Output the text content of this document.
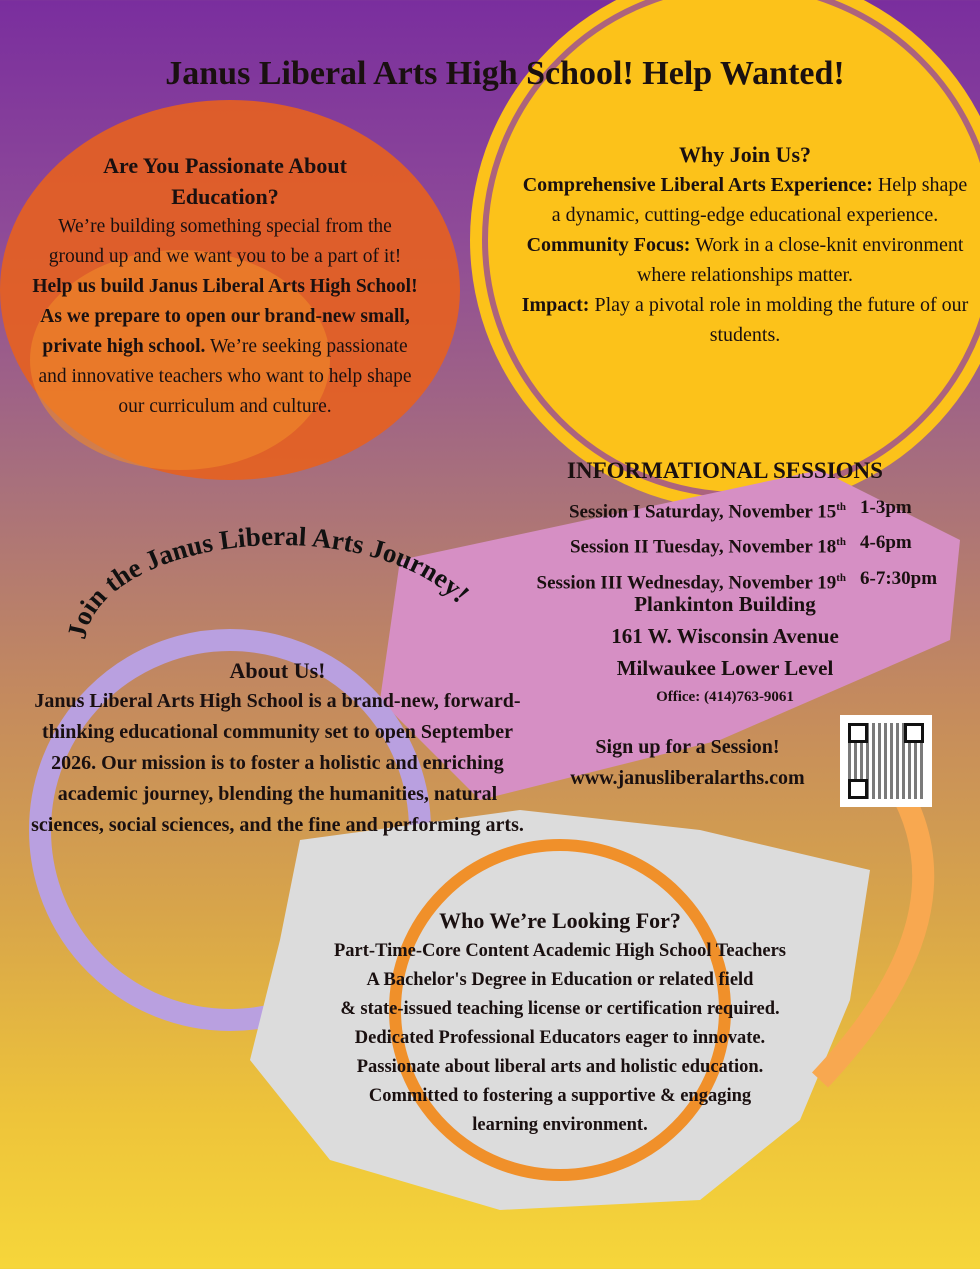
Join the Janus Liberal Arts Journey!
Janus Liberal Arts High School! Help Wanted!
Are You Passionate About Education?
We’re building something special from the ground up and we want you to be a part of it! Help us build Janus Liberal Arts High School! As we prepare to open our brand-new small, private high school. We’re seeking passionate and innovative teachers who want to help shape our curriculum and culture.
Why Join Us?
Comprehensive Liberal Arts Experience: Help shape a dynamic, cutting-edge educational experience.
Community Focus: Work in a close-knit environment where relationships matter.
Impact: Play a pivotal role in molding the future of our students.
INFORMATIONAL SESSIONS
Session I Saturday, November 15th 1-3pm
Session II Tuesday, November 18th 4-6pm
Session III Wednesday, November 19th 6-7:30pm
Plankinton Building
161 W. Wisconsin Avenue
Milwaukee Lower Level
Office: (414)763-9061
Sign up for a Session!
www.janusliberalarths.com
About Us!
Janus Liberal Arts High School is a brand-new, forward-thinking educational community set to open September 2026. Our mission is to foster a holistic and enriching academic journey, blending the humanities, natural sciences, social sciences, and the fine and performing arts.
Who We’re Looking For?
Part-Time-Core Content Academic High School Teachers
A Bachelor's Degree in Education or related field
& state-issued teaching license or certification required.
Dedicated Professional Educators eager to innovate.
Passionate about liberal arts and holistic education.
Committed to fostering a supportive & engaging
learning environment.
